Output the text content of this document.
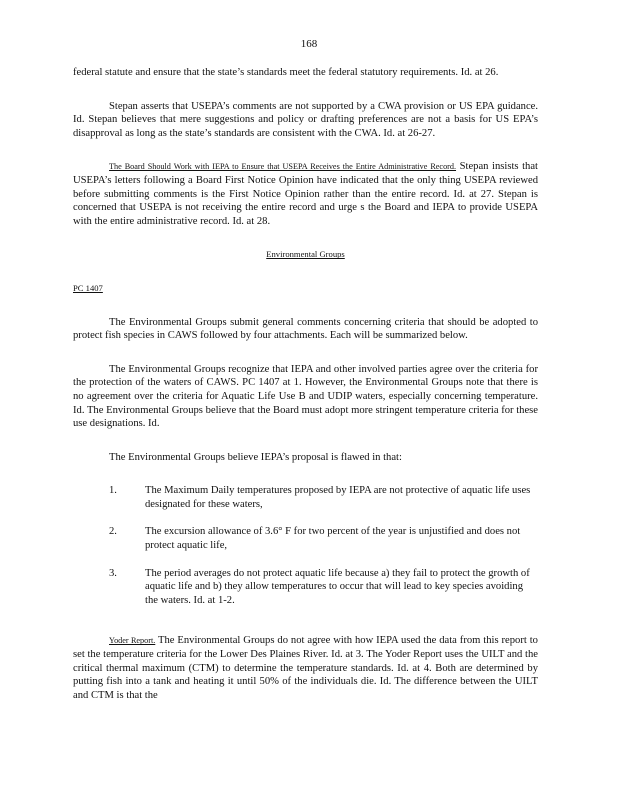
168

federal statute and ensure that the state’s standards meet the federal statutory requirements. Id. at 26.

Stepan asserts that USEPA’s comments are not supported by a CWA provision or US EPA guidance. Id. Stepan believes that mere suggestions and policy or drafting preferences are not a basis for US EPA’s disapproval as long as the state’s standards are consistent with the CWA. Id. at 26-27.

The Board Should Work with IEPA to Ensure that USEPA Receives the Entire Administrative Record. Stepan insists that USEPA’s letters following a Board First Notice Opinion have indicated that the only thing USEPA reviewed before submitting comments is the First Notice Opinion rather than the entire record. Id. at 27. Stepan is concerned that USEPA is not receiving the entire record and urge s the Board and IEPA to provide USEPA with the entire administrative record. Id. at 28.

Environmental Groups
PC 1407

The Environmental Groups submit general comments concerning criteria that should be adopted to protect fish species in CAWS followed by four attachments. Each will be summarized below.

The Environmental Groups recognize that IEPA and other involved parties agree over the criteria for the protection of the waters of CAWS. PC 1407 at 1. However, the Environmental Groups note that there is no agreement over the criteria for Aquatic Life Use B and UDIP waters, especially concerning temperature. Id. The Environmental Groups believe that the Board must adopt more stringent temperature criteria for these use designations. Id.

The Environmental Groups believe IEPA’s proposal is flawed in that:

1.	The Maximum Daily temperatures proposed by IEPA are not protective of aquatic life uses designated for these waters,
2.	The excursion allowance of 3.6° F for two percent of the year is unjustified and does not protect aquatic life,
3.	The period averages do not protect aquatic life because a) they fail to protect the growth of aquatic life and b) they allow temperatures to occur that will lead to key species avoiding the waters. Id. at 1-2.

Yoder Report. The Environmental Groups do not agree with how IEPA used the data from this report to set the temperature criteria for the Lower Des Plaines River. Id. at 3. The Yoder Report uses the UILT and the critical thermal maximum (CTM) to determine the temperature standards. Id. at 4. Both are determined by putting fish into a tank and heating it until 50% of the individuals die. Id. The difference between the UILT and CTM is that the
